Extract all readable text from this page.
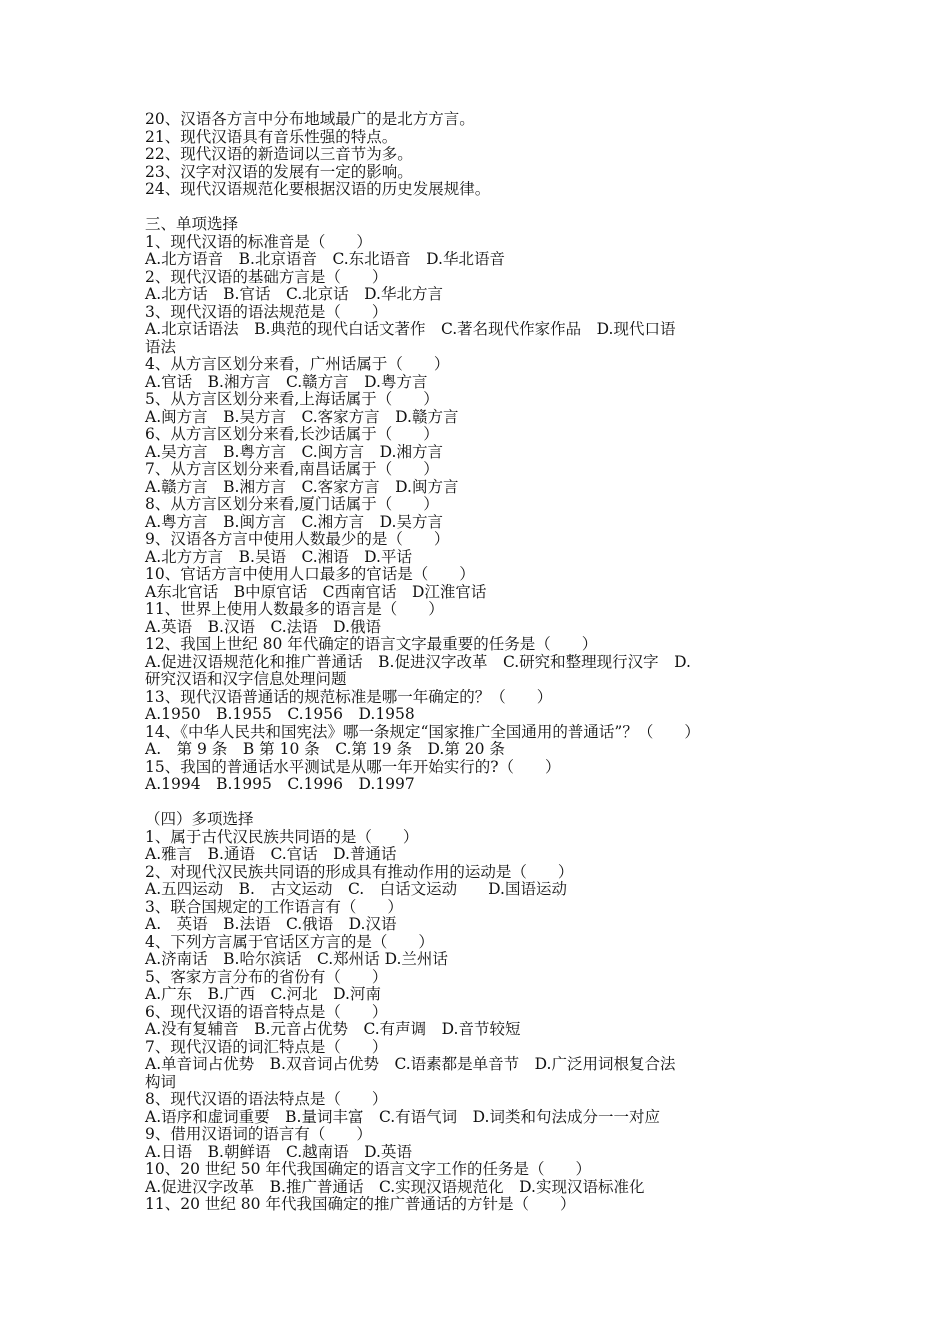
20、汉语各方言中分布地域最广的是北方方言。
21、现代汉语具有音乐性强的特点。
22、现代汉语的新造词以三音节为多。
23、汉字对汉语的发展有一定的影响。
24、现代汉语规范化要根据汉语的历史发展规律。
三、单项选择
1、现代汉语的标准音是（　　）
A.北方语音　B.北京语音　C.东北语音　D.华北语音
2、现代汉语的基础方言是（　　）
A.北方话　B.官话　C.北京话　D.华北方言
3、现代汉语的语法规范是（　　）
A.北京话语法　B.典范的现代白话文著作　C.著名现代作家作品　D.现代口语
语法
4、从方言区划分来看，广州话属于（　　）
A.官话　B.湘方言　C.赣方言　D.粤方言
5、从方言区划分来看,上海话属于（　　）
A.闽方言　B.吴方言　C.客家方言　D.赣方言
6、从方言区划分来看,长沙话属于（　　）
A.吴方言　B.粤方言　C.闽方言　D.湘方言
7、从方言区划分来看,南昌话属于（　　）
A.赣方言　B.湘方言　C.客家方言　D.闽方言
8、从方言区划分来看,厦门话属于（　　）
A.粤方言　B.闽方言　C.湘方言　D.吴方言
9、汉语各方言中使用人数最少的是（　　）
A.北方方言　B.吴语　C.湘语　D.平话
10、官话方言中使用人口最多的官话是（　　）
A东北官话　B中原官话　C西南官话　D江淮官话
11、世界上使用人数最多的语言是（　　）
A.英语　B.汉语　C.法语　D.俄语
12、我国上世纪 80 年代确定的语言文字最重要的任务是（　　）
A.促进汉语规范化和推广普通话　B.促进汉字改革　C.研究和整理现行汉字　D.
研究汉语和汉字信息处理问题
13、现代汉语普通话的规范标准是哪一年确定的？（　　）
A.1950　B.1955　C.1956　D.1958
14、《中华人民共和国宪法》哪一条规定“国家推广全国通用的普通话”？（　　）
A.　第 9 条　B 第 10 条　C.第 19 条　D.第 20 条
15、我国的普通话水平测试是从哪一年开始实行的?（　　）
A.1994　B.1995　C.1996　D.1997
（四）多项选择
1、属于古代汉民族共同语的是（　　）
A.雅言　B.通语　C.官话　D.普通话
2、对现代汉民族共同语的形成具有推动作用的运动是（　　）
A.五四运动　B.　古文运动　C.　白话文运动　　D.国语运动
3、联合国规定的工作语言有（　　）
A.　英语　B.法语　C.俄语　D.汉语
4、下列方言属于官话区方言的是（　　）
A.济南话　B.哈尔滨话　C.郑州话 D.兰州话
5、客家方言分布的省份有（　　）
A.广东　B.广西　C.河北　D.河南
6、现代汉语的语音特点是（　　）
A.没有复辅音　B.元音占优势　C.有声调　D.音节较短
7、现代汉语的词汇特点是（　　）
A.单音词占优势　B.双音词占优势　C.语素都是单音节　D.广泛用词根复合法
构词
8、现代汉语的语法特点是（　　）
A.语序和虚词重要　B.量词丰富　C.有语气词　D.词类和句法成分一一对应
9、借用汉语词的语言有（　　）
A.日语　B.朝鲜语　C.越南语　D.英语
10、20 世纪 50 年代我国确定的语言文字工作的任务是（　　）
A.促进汉字改革　B.推广普通话　C.实现汉语规范化　D.实现汉语标准化
11、20 世纪 80 年代我国确定的推广普通话的方针是（　　）
